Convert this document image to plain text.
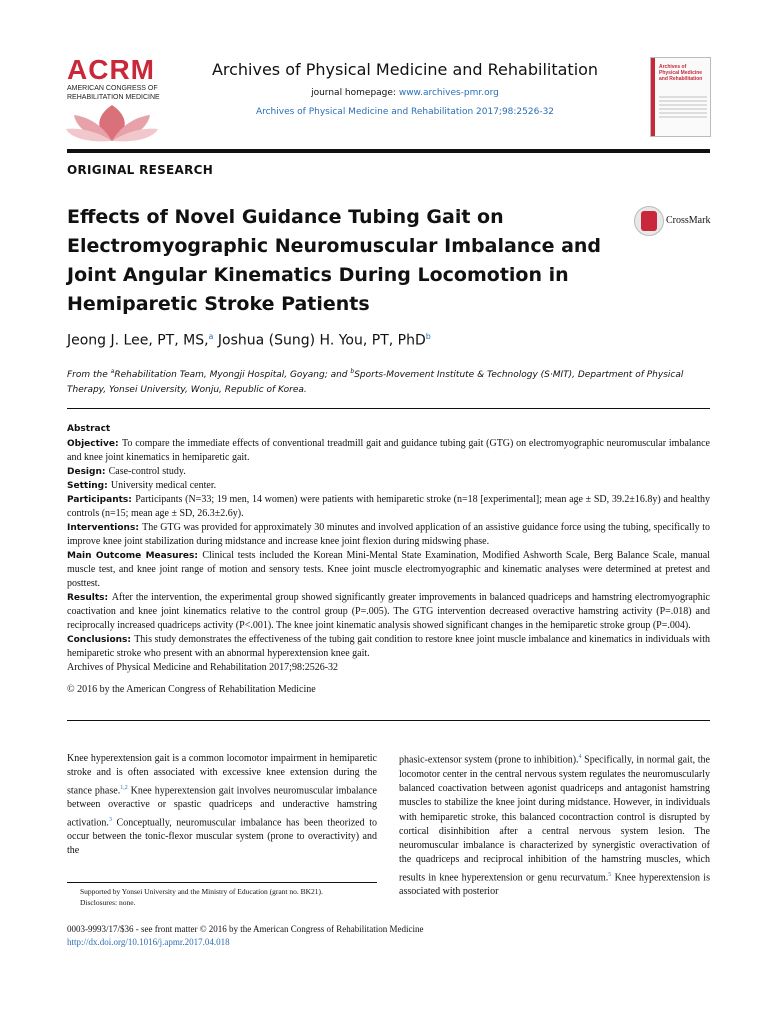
ACRM
AMERICAN CONGRESS OF
REHABILITATION MEDICINE
Archives of Physical Medicine and Rehabilitation
journal homepage: www.archives-pmr.org
Archives of Physical Medicine and Rehabilitation 2017;98:2526-32
Archives of
Physical Medicine
and Rehabilitation
ORIGINAL RESEARCH
Effects of Novel Guidance Tubing Gait on Electromyographic Neuromuscular Imbalance and Joint Angular Kinematics During Locomotion in Hemiparetic Stroke Patients
CrossMark
Jeong J. Lee, PT, MS,$^a$ Joshua (Sung) H. You, PT, PhD$^b$
From the $^a$Rehabilitation Team, Myongji Hospital, Goyang; and $^b$Sports-Movement Institute & Technology (S·MIT), Department of Physical Therapy, Yonsei University, Wonju, Republic of Korea.
Abstract

Objective: To compare the immediate effects of conventional treadmill gait and guidance tubing gait (GTG) on electromyographic neuromuscular imbalance and knee joint kinematics in hemiparetic gait.

Design: Case-control study.

Setting: University medical center.

Participants: Participants (N=33; 19 men, 14 women) were patients with hemiparetic stroke (n=18 [experimental]; mean age ± SD, 39.2±16.8y) and healthy controls (n=15; mean age ± SD, 26.3±2.6y).

Interventions: The GTG was provided for approximately 30 minutes and involved application of an assistive guidance force using the tubing, specifically to improve knee joint stabilization during midstance and increase knee joint flexion during midswing phase.

Main Outcome Measures: Clinical tests included the Korean Mini-Mental State Examination, Modified Ashworth Scale, Berg Balance Scale, manual muscle test, and knee joint range of motion and sensory tests. Knee joint muscle electromyographic and kinematic analyses were determined at pretest and posttest.

Results: After the intervention, the experimental group showed significantly greater improvements in balanced quadriceps and hamstring electromyographic coactivation and knee joint kinematics relative to the control group (P=.005). The GTG intervention decreased overactive hamstring activity (P=.018) and reciprocally increased quadriceps activity (P<.001). The knee joint kinematic analysis showed significant changes in the hemiparetic stroke group (P=.004).

Conclusions: This study demonstrates the effectiveness of the tubing gait condition to restore knee joint muscle imbalance and kinematics in individuals with hemiparetic stroke who present with an abnormal hyperextension knee gait.

Archives of Physical Medicine and Rehabilitation 2017;98:2526-32

© 2016 by the American Congress of Rehabilitation Medicine

Knee hyperextension gait is a common locomotor impairment in hemiparetic stroke and is often associated with excessive knee extension during the stance phase.$^{1,2}$ Knee hyperextension gait involves neuromuscular imbalance between overactive or spastic quadriceps and underactive hamstring activation.$^3$ Conceptually, neuromuscular imbalance has been theorized to occur between the tonic-flexor muscular system (prone to overactivity) and the
phasic-extensor system (prone to inhibition).$^4$ Specifically, in normal gait, the locomotor center in the central nervous system regulates the neuromuscularly balanced coactivation between agonist quadriceps and antagonist hamstring muscles to stabilize the knee joint during midstance. However, in individuals with hemiparetic stroke, this balanced cocontraction control is disrupted by cortical disinhibition after a central nervous system lesion. The neuromuscular imbalance is characterized by synergistic overactivation of the quadriceps and reciprocal inhibition of the hamstring muscles, which results in knee hyperextension or genu recurvatum.$^5$ Knee hyperextension is associated with posterior
Supported by Yonsei University and the Ministry of Education (grant no. BK21).
Disclosures: none.
0003-9993/17/$36 - see front matter © 2016 by the American Congress of Rehabilitation Medicine
http://dx.doi.org/10.1016/j.apmr.2017.04.018
